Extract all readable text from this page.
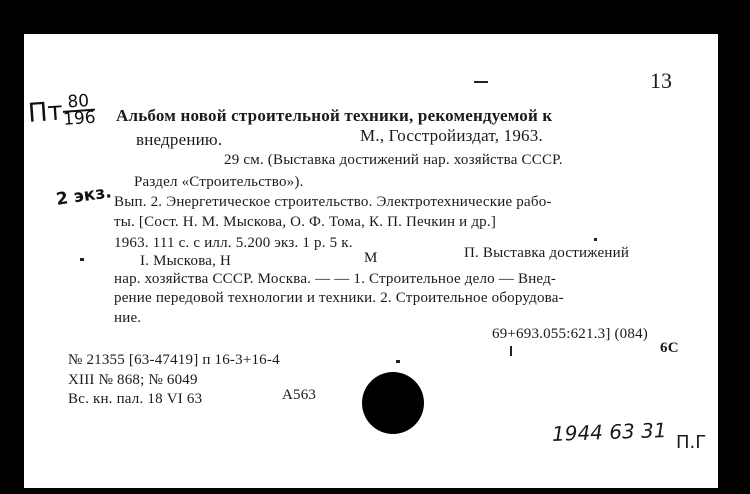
13
Пт 80
196
2 экз.
Альбом новой строительной техники, рекомендуемой к
внедрению.	М., Госстройиздат, 1963.
29 см. (Выставка достижений нар. хозяйства СССР.
Раздел «Строительство»).
Вып. 2. Энергетическое строительство. Электротехнические рабо-
ты. [Сост. Н. М. Мыскова, О. Ф. Тома, К. П. Печкин и др.]
1963. 111 с. с илл. 5.200 экз. 1 р. 5 к.
I. Мыскова, Н	М	П. Выставка достижений
нар. хозяйства СССР. Москва. — — 1. Строительное дело — Внед-
рение передовой технологии и техники. 2. Строительное оборудова-
ние.
69+693.055:621.3] (084)
6С
№ 21355 [63-47419] п 16-3+16-4
XIII № 868; № 6049
Вс. кн. пал. 18 VI 63	А563
1944 63 31 П.Г
